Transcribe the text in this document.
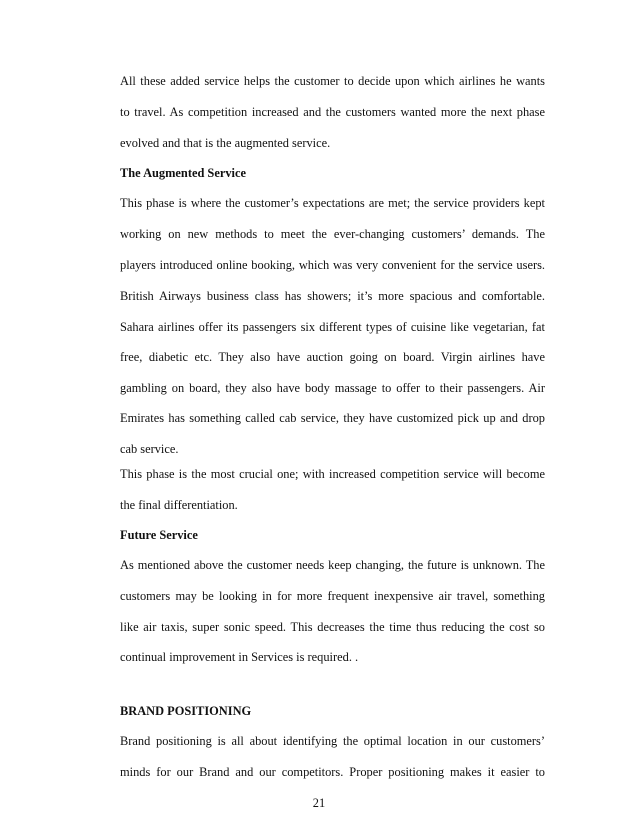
All these added service helps the customer to decide upon which airlines he wants
to travel. As competition increased and the customers wanted more the next phase
evolved and that is the augmented service.
The Augmented Service
This phase is where the customer’s expectations are met; the service providers kept
working on new methods to meet the ever-changing customers’ demands. The
players introduced online booking, which was very convenient for the service users.
British Airways business class has showers; it’s more spacious and comfortable.
Sahara airlines offer its passengers six different types of cuisine like vegetarian, fat
free, diabetic etc. They also have auction going on board. Virgin airlines have
gambling on board, they also have body massage to offer to their passengers. Air
Emirates has something called cab service, they have customized pick up and drop
cab service.
This phase is the most crucial one; with increased competition service will become
the final differentiation.
Future Service
As mentioned above the customer needs keep changing, the future is unknown. The
customers may be looking in for more frequent inexpensive air travel, something
like air taxis, super sonic speed. This decreases the time thus reducing the cost so
continual improvement in Services is required. .
BRAND POSITIONING
Brand positioning is all about identifying the optimal location in our customers’
minds for our Brand and our competitors. Proper positioning makes it easier to
21
